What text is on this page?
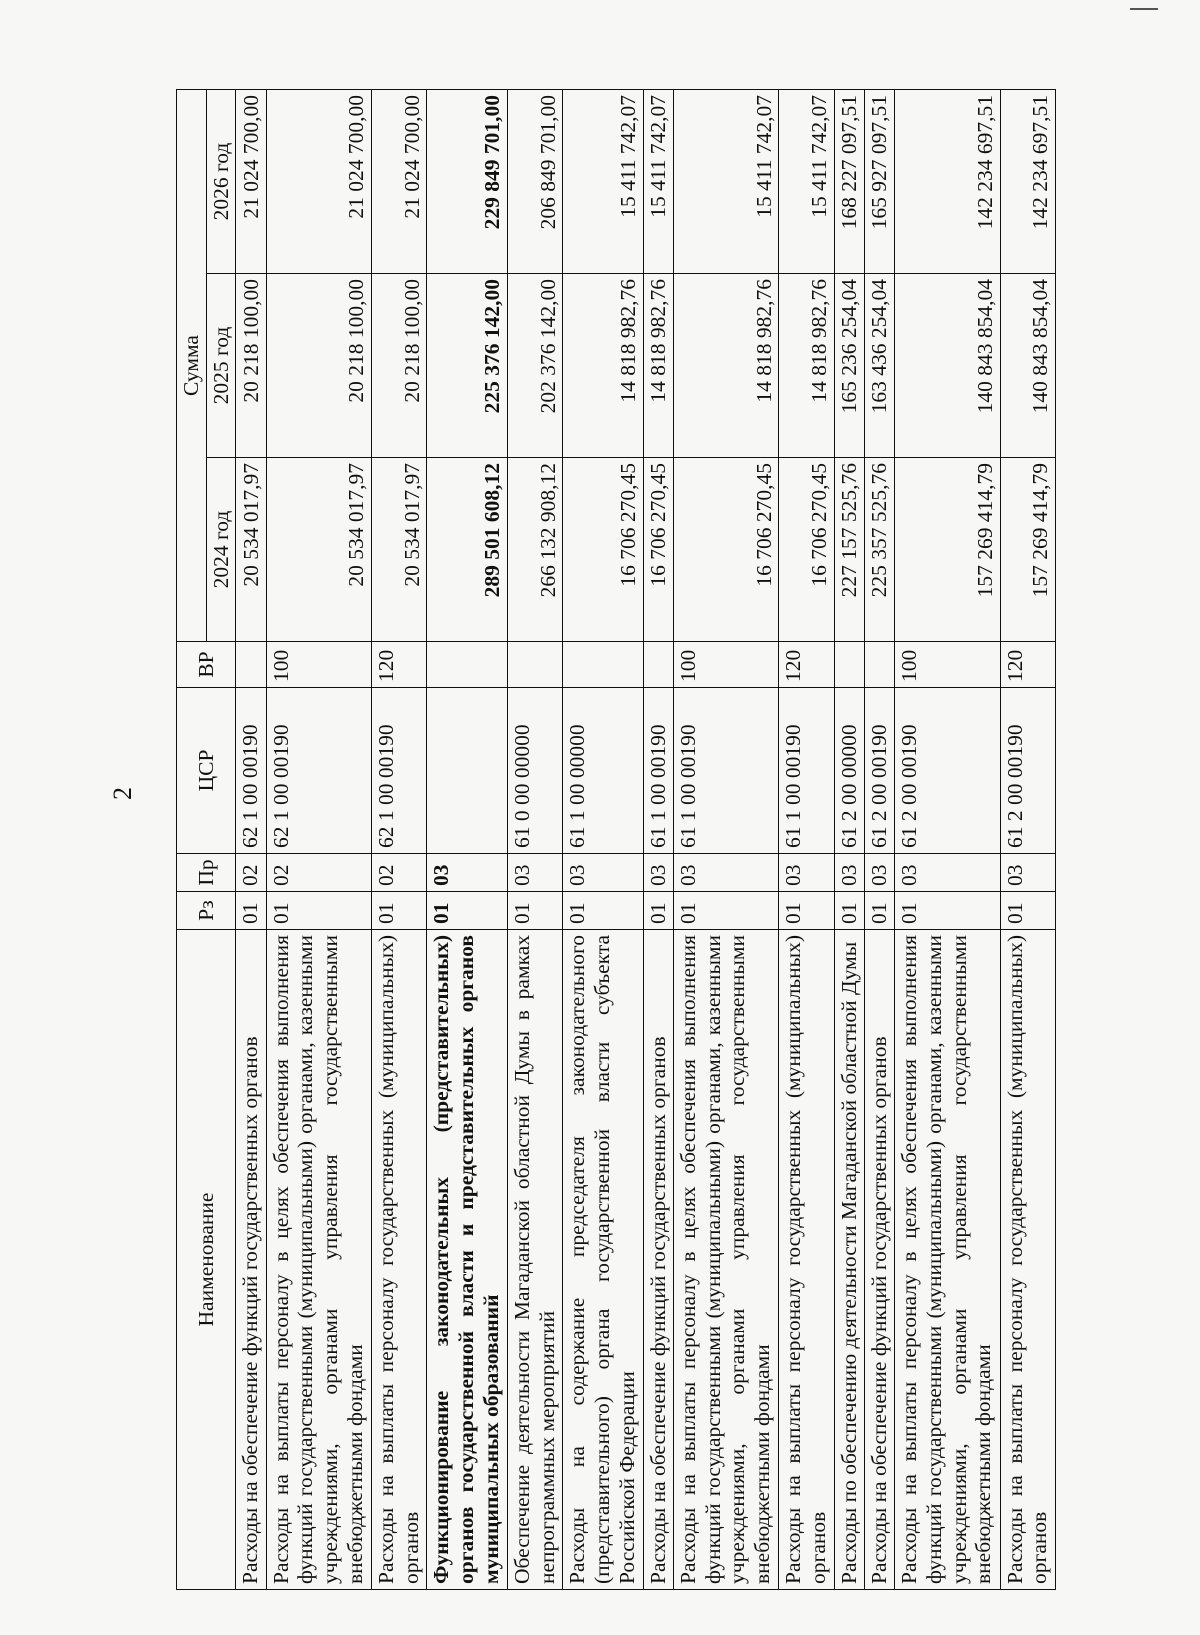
2
Наименование	Рз	Пр	ЦСР	ВР	Сумма		
					2024 год	2025 год	2026 год
Расходы на обеспечение функций государственных органов	01	02	62 1 00 00190		20 534 017,97	20 218 100,00	21 024 700,00
Расходы на выплаты персоналу в целях обеспечения выполнения функций государственными (муниципальными) органами, казенными учреждениями, органами управления государственными внебюджетными фондами	01	02	62 1 00 00190	100	20 534 017,97	20 218 100,00	21 024 700,00
Расходы на выплаты персоналу государственных (муниципальных) органов	01	02	62 1 00 00190	120	20 534 017,97	20 218 100,00	21 024 700,00
Функционирование законодательных (представительных) органов государственной власти и представительных органов муниципальных образований	01	03			289 501 608,12	225 376 142,00	229 849 701,00
Обеспечение деятельности Магаданской областной Думы в рамках непрограммных мероприятий	01	03	61 0 00 00000		266 132 908,12	202 376 142,00	206 849 701,00
Расходы на содержание председателя законодательного (представительного) органа государственной власти субъекта Российской Федерации	01	03	61 1 00 00000		16 706 270,45	14 818 982,76	15 411 742,07
Расходы на обеспечение функций государственных органов	01	03	61 1 00 00190		16 706 270,45	14 818 982,76	15 411 742,07
Расходы на выплаты персоналу в целях обеспечения выполнения функций государственными (муниципальными) органами, казенными учреждениями, органами управления государственными внебюджетными фондами	01	03	61 1 00 00190	100	16 706 270,45	14 818 982,76	15 411 742,07
Расходы на выплаты персоналу государственных (муниципальных) органов	01	03	61 1 00 00190	120	16 706 270,45	14 818 982,76	15 411 742,07
Расходы по обеспечению деятельности Магаданской областной Думы	01	03	61 2 00 00000		227 157 525,76	165 236 254,04	168 227 097,51
Расходы на обеспечение функций государственных органов	01	03	61 2 00 00190		225 357 525,76	163 436 254,04	165 927 097,51
Расходы на выплаты персоналу в целях обеспечения выполнения функций государственными (муниципальными) органами, казенными учреждениями, органами управления государственными внебюджетными фондами	01	03	61 2 00 00190	100	157 269 414,79	140 843 854,04	142 234 697,51
Расходы на выплаты персоналу государственных (муниципальных) органов	01	03	61 2 00 00190	120	157 269 414,79	140 843 854,04	142 234 697,51
